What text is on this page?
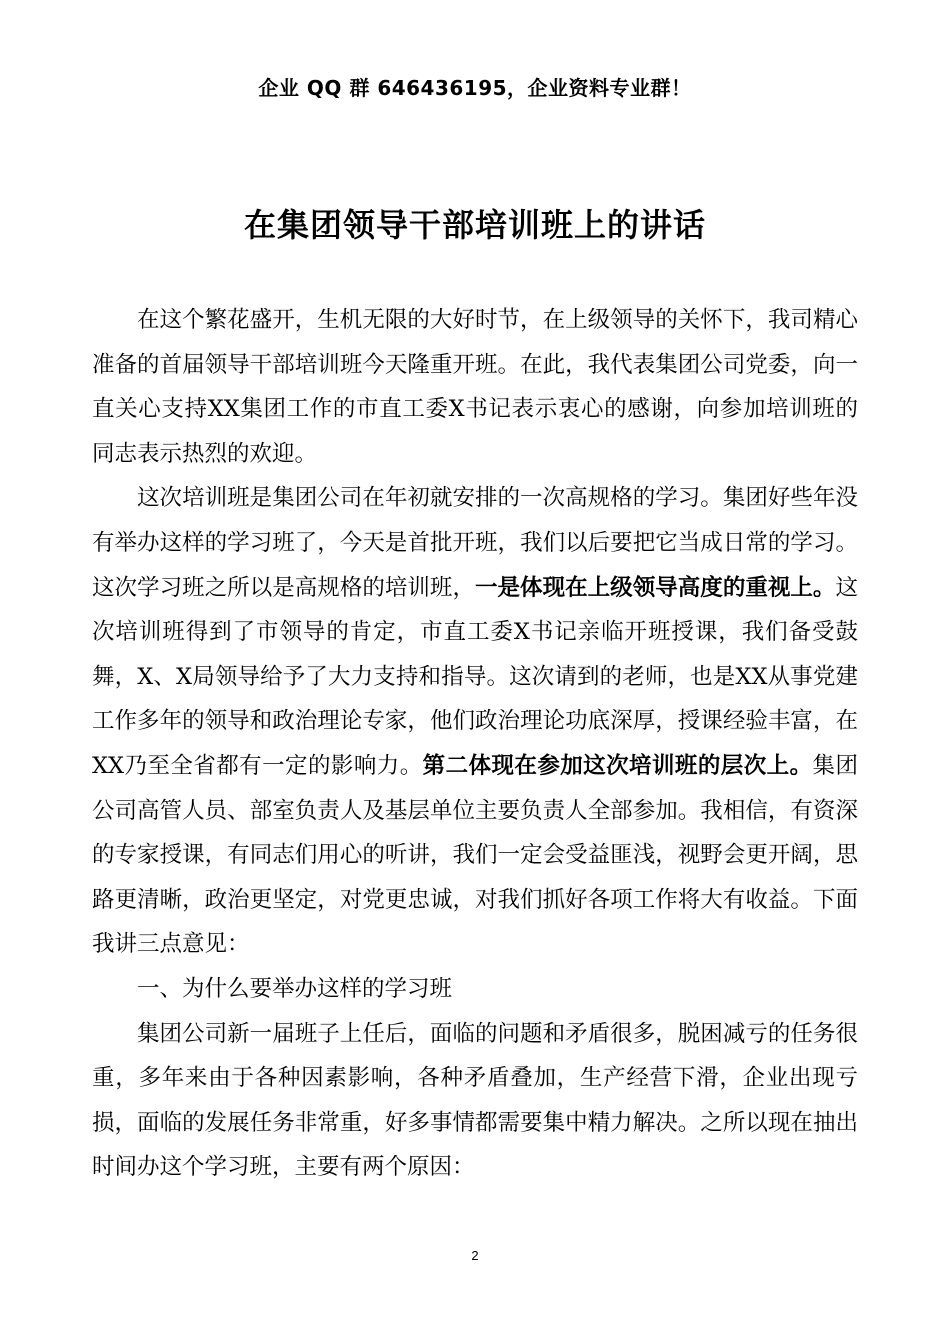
企业 QQ 群 646436195，企业资料专业群！
在集团领导干部培训班上的讲话

在这个繁花盛开，生机无限的大好时节，在上级领导的关怀下，我司精心准备的首届领导干部培训班今天隆重开班。在此，我代表集团公司党委，向一直关心支持XX集团工作的市直工委X书记表示衷心的感谢，向参加培训班的同志表示热烈的欢迎。

这次培训班是集团公司在年初就安排的一次高规格的学习。集团好些年没有举办这样的学习班了，今天是首批开班，我们以后要把它当成日常的学习。这次学习班之所以是高规格的培训班，一是体现在上级领导高度的重视上。这次培训班得到了市领导的肯定，市直工委X书记亲临开班授课，我们备受鼓舞，X、X局领导给予了大力支持和指导。这次请到的老师，也是XX从事党建工作多年的领导和政治理论专家，他们政治理论功底深厚，授课经验丰富，在XX乃至全省都有一定的影响力。第二体现在参加这次培训班的层次上。集团公司高管人员、部室负责人及基层单位主要负责人全部参加。我相信，有资深的专家授课，有同志们用心的听讲，我们一定会受益匪浅，视野会更开阔，思路更清晰，政治更坚定，对党更忠诚，对我们抓好各项工作将大有收益。下面我讲三点意见：

一、为什么要举办这样的学习班

集团公司新一届班子上任后，面临的问题和矛盾很多，脱困减亏的任务很重，多年来由于各种因素影响，各种矛盾叠加，生产经营下滑，企业出现亏损，面临的发展任务非常重，好多事情都需要集中精力解决。之所以现在抽出时间办这个学习班，主要有两个原因：

2
